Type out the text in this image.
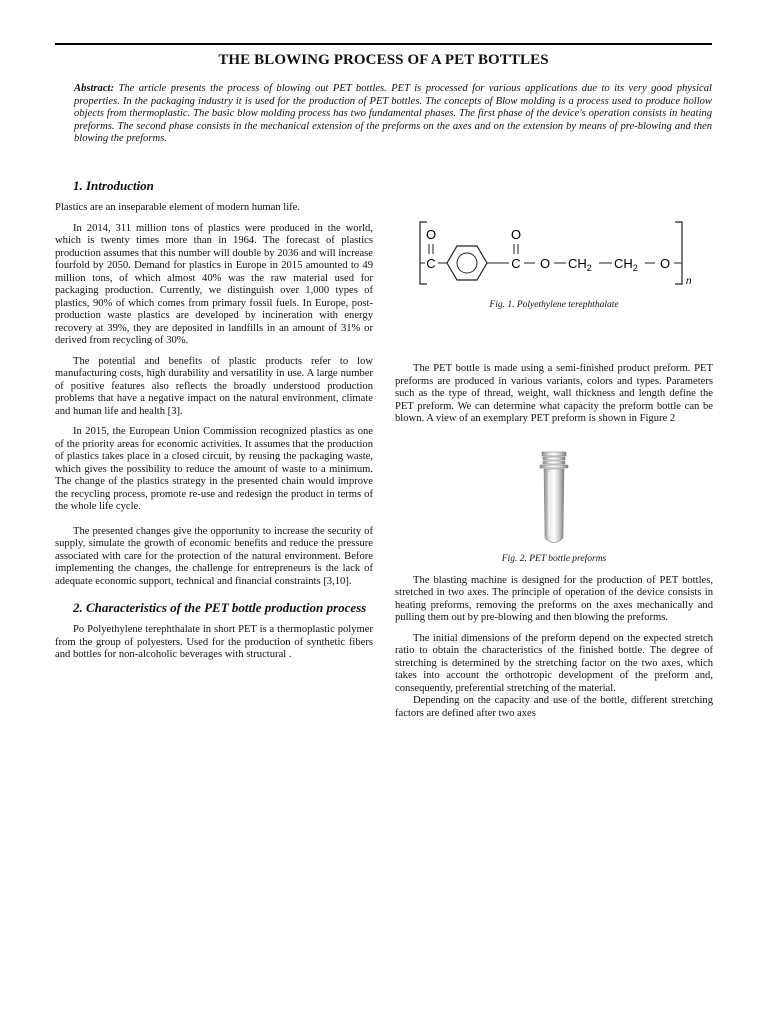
THE BLOWING PROCESS OF A PET BOTTLES

Abstract: The article presents the process of blowing out PET bottles. PET is processed for various applications due to its very good physical properties. In the packaging industry it is used for the production of PET bottles. The concepts of Blow molding is a process used to produce hollow objects from thermoplastic. The basic blow molding process has two fundamental phases. The first phase of the device's operation consists in heating preforms. The second phase consists in the mechanical extension of the preforms on the axes and on the extension by means of pre-blowing and then blowing the preforms.

1. Introduction

Plastics are an inseparable element of modern human life.

In 2014, 311 million tons of plastics were produced in the world, which is twenty times more than in 1964. The forecast of plastics production assumes that this number will double by 2036 and will increase fourfold by 2050. Demand for plastics in Europe in 2015 amounted to 49 million tons, of which almost 40% was the raw material used for packaging production. Currently, we distinguish over 1,000 types of plastics, 90% of which comes from primary fossil fuels. In Europe, post-production waste plastics are developed by incineration with energy recovery at 39%, they are deposited in landfills in an amount of 31% or derived from recycling of 30%.

The potential and benefits of plastic products refer to low manufacturing costs, high durability and versatility in use. A large number of positive features also reflects the broadly understood production problems that have a negative impact on the natural environment, climate and human life and health [3].

In 2015, the European Union Commission recognized plastics as one of the priority areas for economic activities. It assumes that the production of plastics takes place in a closed circuit, by reusing the packaging waste, which gives the possibility to reduce the amount of waste to a minimum. The change of the plastics strategy in the presented chain would improve the recycling process, promote re-use and redesign the product in terms of the whole life cycle.

The presented changes give the opportunity to increase the security of supply, simulate the growth of economic benefits and reduce the pressure associated with care for the protection of the natural environment. Before implementing the changes, the challenge for entrepreneurs is the lack of adequate economic support, technical and financial constraints [3,10].

2. Characteristics of the PET bottle production process

Po Polyethylene terephthalate in short PET is a thermoplastic polymer from the group of polyesters. Used for the production of synthetic fibers and bottles for non-alcoholic beverages with structural .

O
C
O
C O $CH_2$ $CH_2$ O
n

Fig. 1. Polyethylene terephthalate

The PET bottle is made using a semi-finished product preform. PET preforms are produced in various variants, colors and types. Parameters such as the type of thread, weight, wall thickness and length define the PET preform. We can determine what capacity the preform bottle can be blown. A view of an exemplary PET preform is shown in Figure 2

Fig. 2. PET bottle preforms

The blasting machine is designed for the production of PET bottles, stretched in two axes. The principle of operation of the device consists in heating preforms, removing the preforms on the axes mechanically and pulling them out by pre-blowing and then blowing the preforms.

The initial dimensions of the preform depend on the expected stretch ratio to obtain the characteristics of the finished bottle. The degree of stretching is determined by the stretching factor on the two axes, which takes into account the orthotropic development of the preform and, consequently, preferential stretching of the material.

Depending on the capacity and use of the bottle, different stretching factors are defined after two axes
